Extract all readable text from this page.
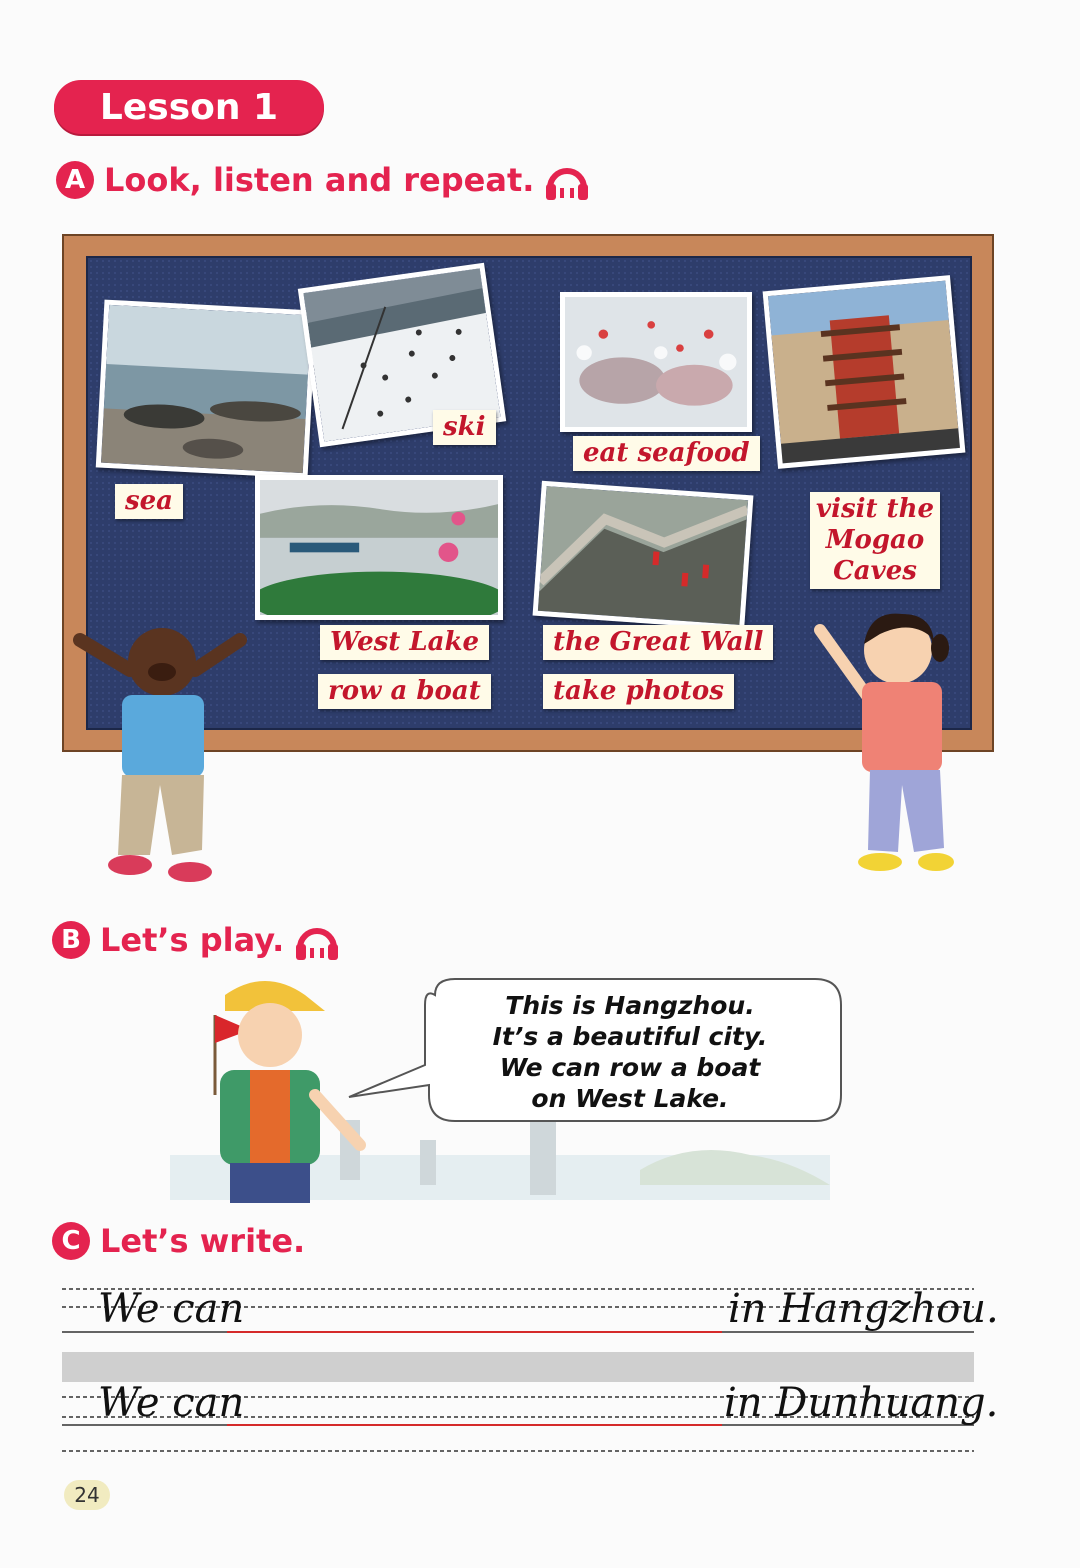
Lesson 1
A Look, listen and repeat.
sea
ski
eat seafood
visit the
Mogao
Caves
West Lake
row a boat
the Great Wall
take photos
B Let’s play.
This is Hangzhou.
It’s a beautiful city.
We can row a boat
on West Lake.
C Let’s write.
We can	in Hangzhou.
We can	in Dunhuang.
24
